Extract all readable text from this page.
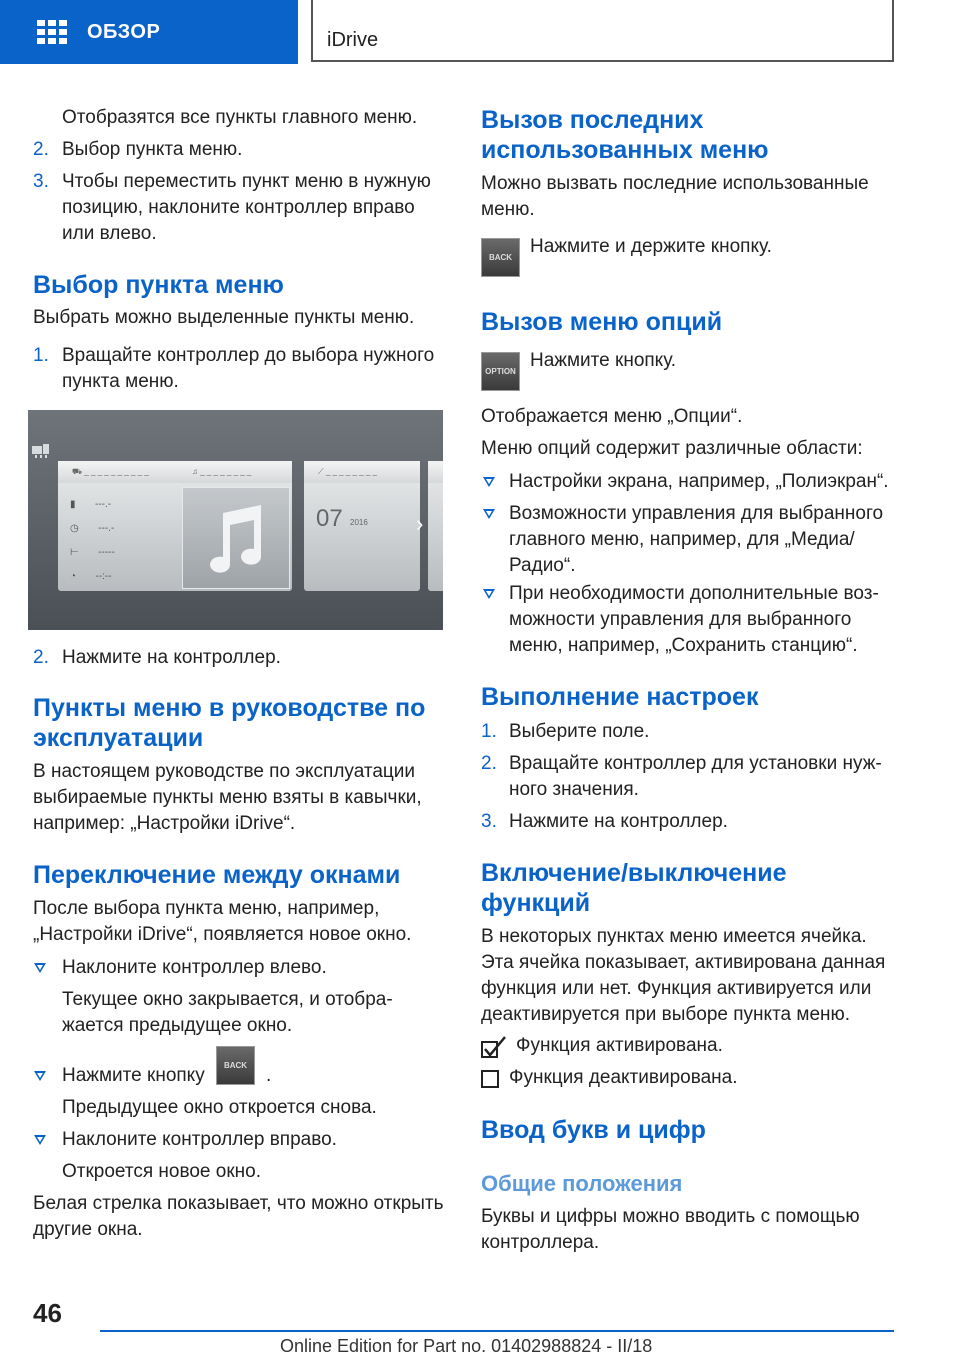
ОБЗОР	iDrive
Отобразятся все пункты главного меню.
2. Выбор пункта меню.
3. Чтобы переместить пункт меню в нужную
позицию, наклоните контроллер вправо
или влево.
Выбор пункта меню
Выбрать можно выделенные пункты меню.
1. Вращайте контроллер до выбора нужного
пункта меню.
⛟ _ _ _ _ _ _ _ _ _ _
▮       ---.-
◷       ---.-
⊢       -----
◔       --:--
♫ _ _ _ _ _ _ _ _	⟋ _ _ _ _ _ _ _ _
07 2016 ›
2. Нажмите на контроллер.
Пункты меню в руководстве по
эксплуатации
В настоящем руководстве по эксплуатации
выбираемые пункты меню взяты в кавычки,
например: „Настройки iDrive“.
Переключение между окнами
После выбора пункта меню, например,
„Настройки iDrive“, появляется новое окно.
Наклоните контроллер влево.
Текущее окно закрывается, и отобра-
жается предыдущее окно.
Нажмите кнопку	BACK .
Предыдущее окно откроется снова.
Наклоните контроллер вправо.
Откроется новое окно.
Белая стрелка показывает, что можно открыть
другие окна.
Вызов последних
использованных меню
Можно вызвать последние использованные
меню.
BACK
Нажмите и держите кнопку.
Вызов меню опций
OPTION
Нажмите кнопку.
Отображается меню „Опции“.
Меню опций содержит различные области:
Настройки экрана, например, „Полиэкран“.
Возможности управления для выбранного
главного меню, например, для „Медиа/
Радио“.
При необходимости дополнительные воз-
можности управления для выбранного
меню, например, „Сохранить станцию“.
Выполнение настроек
1. Выберите поле.
2. Вращайте контроллер для установки нуж-
ного значения.
3. Нажмите на контроллер.
Включение/выключение
функций
В некоторых пунктах меню имеется ячейка.
Эта ячейка показывает, активирована данная
функция или нет. Функция активируется или
деактивируется при выборе пункта меню.
Функция активирована.
Функция деактивирована.
Ввод букв и цифр
Общие положения
Буквы и цифры можно вводить с помощью
контроллера.
46
Online Edition for Part no. 01402988824 - II/18
